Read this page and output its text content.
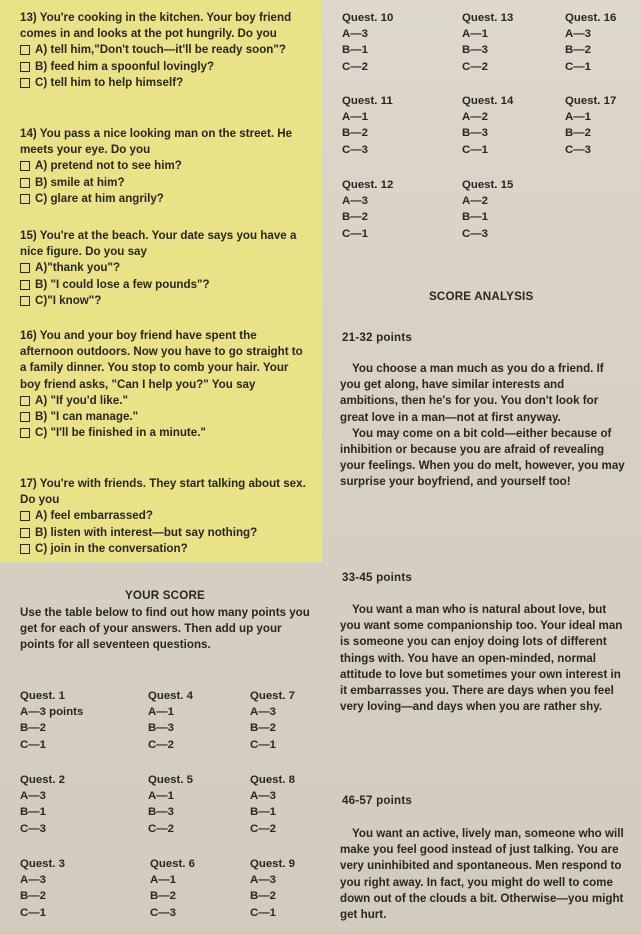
13) You're cooking in the kitchen. Your boy friend comes in and looks at the pot hungrily. Do you

A) tell him,"Don't touch—it'll be ready soon"?
B) feed him a spoonful lovingly?
C) tell him to help himself?

14) You pass a nice looking man on the street. He meets your eye. Do you

A) pretend not to see him?
B) smile at him?
C) glare at him angrily?

15) You're at the beach. Your date says you have a nice figure. Do you say

A)"thank you"?
B) "I could lose a few pounds"?
C)"I know"?

16) You and your boy friend have spent the afternoon outdoors. Now you have to go straight to a family dinner. You stop to comb your hair. Your boy friend asks, "Can I help you?" You say

A) "If you'd like."
B) "I can manage."
C) "I'll be finished in a minute."

17) You're with friends. They start talking about sex. Do you

A) feel embarrassed?
B) listen with interest—but say nothing?
C) join in the conversation?
YOUR SCORE
Use the table below to find out how many points you get for each of your answers. Then add up your points for all seventeen questions.
Quest. 1
A—3 points
B—2
C—1
Quest. 4
A—1
B—3
C—2
Quest. 7
A—3
B—2
C—1
Quest. 2
A—3
B—1
C—3
Quest. 5
A—1
B—3
C—2
Quest. 8
A—3
B—1
C—2
Quest. 3
A—3
B—2
C—1
Quest. 6
A—1
B—2
C—3
Quest. 9
A—3
B—2
C—1
Quest. 10
A—3
B—1
C—2
Quest. 13
A—1
B—3
C—2
Quest. 16
A—3
B—2
C—1
Quest. 11
A—1
B—2
C—3
Quest. 14
A—2
B—3
C—1
Quest. 17
A—1
B—2
C—3
Quest. 12
A—3
B—2
C—1
Quest. 15
A—2
B—1
C—3
SCORE ANALYSIS
21-32 points

You choose a man much as you do a friend. If you get along, have similar interests and ambitions, then he's for you. You don't look for great love in a man—not at first anyway.

You may come on a bit cold—either because of inhibition or because you are afraid of revealing your feelings. When you do melt, however, you may surprise your boyfriend, and yourself too!

33-45 points

You want a man who is natural about love, but you want some companionship too. Your ideal man is someone you can enjoy doing lots of different things with. You have an open-minded, normal attitude to love but sometimes your own interest in it embarrasses you. There are days when you feel very loving—and days when you are rather shy.

46-57 points

You want an active, lively man, someone who will make you feel good instead of just talking. You are very uninhibited and spontaneous. Men respond to you right away. In fact, you might do well to come down out of the clouds a bit. Otherwise—you might get hurt.
